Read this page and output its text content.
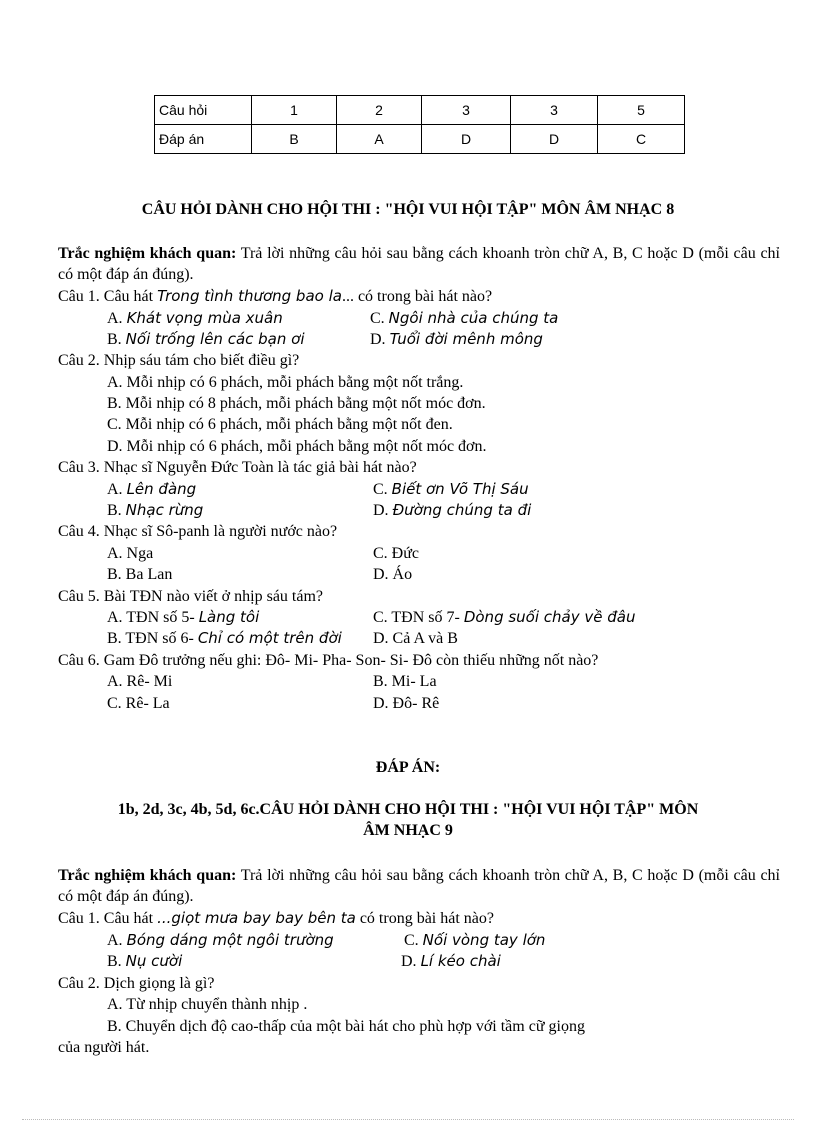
Câu hỏi	1	2	3	3	5
Đáp án	B	A	D	D	C
CÂU HỎI DÀNH CHO HỘI THI : "HỘI VUI HỘI TẬP" MÔN ÂM NHẠC 8
Trắc nghiệm khách quan: Trả lời những câu hỏi sau bằng cách khoanh tròn chữ A, B, C hoặc D (mỗi câu chỉ có một đáp án đúng).
Câu 1. Câu hát Trong tình thương bao la... có trong bài hát nào?
A. Khát vọng mùa xuân	C. Ngôi nhà của chúng ta
B. Nối trống lên các bạn ơi	D. Tuổi đời mênh mông
Câu 2. Nhịp sáu tám cho biết điều gì?
A. Mỗi nhịp có 6 phách, mỗi phách bằng một nốt trắng.
B. Mỗi nhịp có 8 phách, mỗi phách bằng một nốt móc đơn.
C. Mỗi nhịp có 6 phách, mỗi phách bằng một nốt đen.
D. Mỗi nhịp có 6 phách, mỗi phách bằng một nốt móc đơn.
Câu 3. Nhạc sĩ Nguyễn Đức Toàn là tác giả bài hát nào?
A. Lên đàng	C. Biết ơn Võ Thị Sáu
B. Nhạc rừng	D. Đường chúng ta đi
Câu 4. Nhạc sĩ Sô-panh là người nước nào?
A. Nga	C. Đức
B. Ba Lan	D. Áo
Câu 5. Bài TĐN nào viết ở nhịp sáu tám?
A. TĐN số 5- Làng tôi	C. TĐN số 7- Dòng suối chảy về đâu
B. TĐN số 6- Chỉ có một trên đời D. Cả A và B
Câu 6. Gam Đô trưởng nếu ghi: Đô- Mi- Pha- Son- Si- Đô còn thiếu những nốt nào?
A. Rê- Mi	B. Mi- La
C. Rê- La	D. Đô- Rê
ĐÁP ÁN:
1b, 2d, 3c, 4b, 5d, 6c.CÂU HỎI DÀNH CHO HỘI THI : "HỘI VUI HỘI TẬP" MÔN
ÂM NHẠC 9
Trắc nghiệm khách quan: Trả lời những câu hỏi sau bằng cách khoanh tròn chữ A, B, C hoặc D (mỗi câu chỉ có một đáp án đúng).
Câu 1. Câu hát ...giọt mưa bay bay bên ta có trong bài hát nào?
A. Bóng dáng một ngôi trường	C. Nối vòng tay lớn
B. Nụ cười	D. Lí kéo chài
Câu 2. Dịch giọng là gì?
A. Từ nhịp chuyển thành nhịp .
B. Chuyển dịch độ cao-thấp của một bài hát cho phù hợp với tầm cữ giọng
của người hát.
